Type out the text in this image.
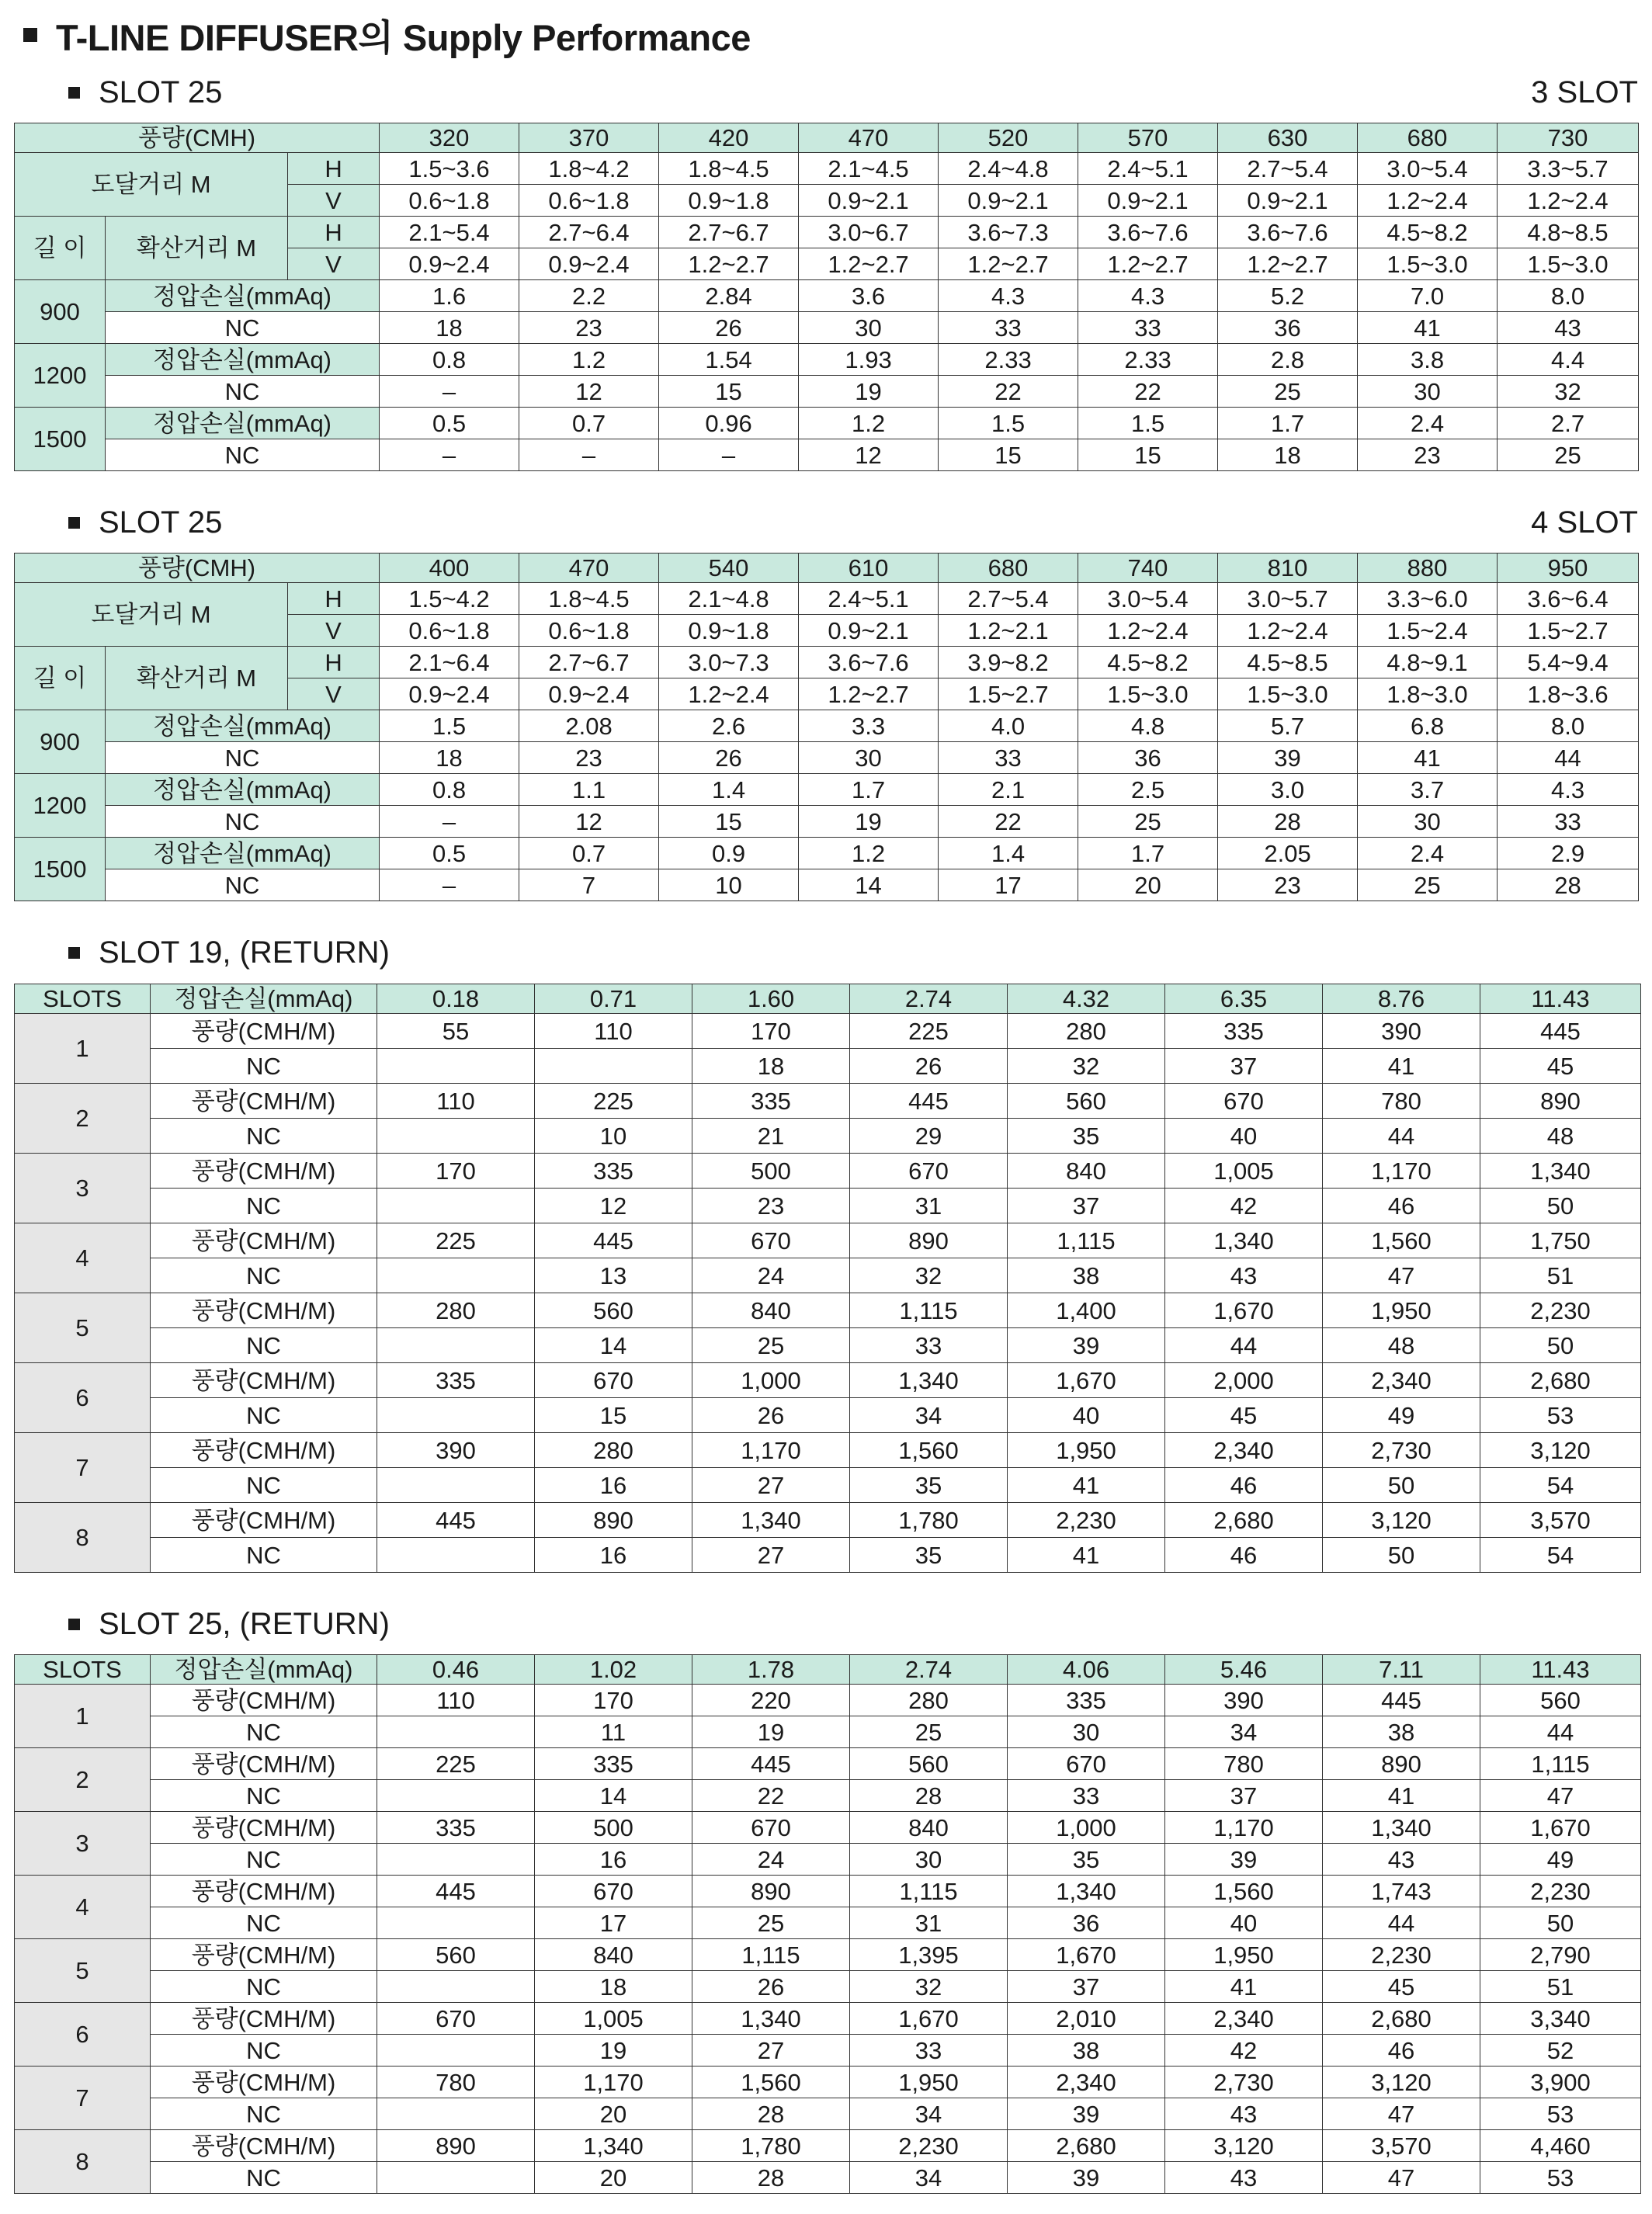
T-LINE DIFFUSER의 Supply Performance
SLOT 25	3 SLOT
풍량(CMH)			320	370	420	470	520	570	630	680	730
도달거리 M		H	1.5~3.6	1.8~4.2	1.8~4.5	2.1~4.5	2.4~4.8	2.4~5.1	2.7~5.4	3.0~5.4	3.3~5.7
		V	0.6~1.8	0.6~1.8	0.9~1.8	0.9~2.1	0.9~2.1	0.9~2.1	0.9~2.1	1.2~2.4	1.2~2.4
길 이	확산거리 M	H	2.1~5.4	2.7~6.4	2.7~6.7	3.0~6.7	3.6~7.3	3.6~7.6	3.6~7.6	4.5~8.2	4.8~8.5
		V	0.9~2.4	0.9~2.4	1.2~2.7	1.2~2.7	1.2~2.7	1.2~2.7	1.2~2.7	1.5~3.0	1.5~3.0
900	정압손실(mmAq)		1.6	2.2	2.84	3.6	4.3	4.3	5.2	7.0	8.0
	NC		18	23	26	30	33	33	36	41	43
1200	정압손실(mmAq)		0.8	1.2	1.54	1.93	2.33	2.33	2.8	3.8	4.4
	NC		–	12	15	19	22	22	25	30	32
1500	정압손실(mmAq)		0.5	0.7	0.96	1.2	1.5	1.5	1.7	2.4	2.7
	NC		–	–	–	12	15	15	18	23	25
SLOT 25	4 SLOT
풍량(CMH)			400	470	540	610	680	740	810	880	950
도달거리 M		H	1.5~4.2	1.8~4.5	2.1~4.8	2.4~5.1	2.7~5.4	3.0~5.4	3.0~5.7	3.3~6.0	3.6~6.4
		V	0.6~1.8	0.6~1.8	0.9~1.8	0.9~2.1	1.2~2.1	1.2~2.4	1.2~2.4	1.5~2.4	1.5~2.7
길 이	확산거리 M	H	2.1~6.4	2.7~6.7	3.0~7.3	3.6~7.6	3.9~8.2	4.5~8.2	4.5~8.5	4.8~9.1	5.4~9.4
		V	0.9~2.4	0.9~2.4	1.2~2.4	1.2~2.7	1.5~2.7	1.5~3.0	1.5~3.0	1.8~3.0	1.8~3.6
900	정압손실(mmAq)		1.5	2.08	2.6	3.3	4.0	4.8	5.7	6.8	8.0
	NC		18	23	26	30	33	36	39	41	44
1200	정압손실(mmAq)		0.8	1.1	1.4	1.7	2.1	2.5	3.0	3.7	4.3
	NC		–	12	15	19	22	25	28	30	33
1500	정압손실(mmAq)		0.5	0.7	0.9	1.2	1.4	1.7	2.05	2.4	2.9
	NC		–	7	10	14	17	20	23	25	28
SLOT 19, (RETURN)
SLOTS	정압손실(mmAq)	0.18	0.71	1.60	2.74	4.32	6.35	8.76	11.43
1	풍량(CMH/M)	55	110	170	225	280	335	390	445
	NC			18	26	32	37	41	45
2	풍량(CMH/M)	110	225	335	445	560	670	780	890
	NC		10	21	29	35	40	44	48
3	풍량(CMH/M)	170	335	500	670	840	1,005	1,170	1,340
	NC		12	23	31	37	42	46	50
4	풍량(CMH/M)	225	445	670	890	1,115	1,340	1,560	1,750
	NC		13	24	32	38	43	47	51
5	풍량(CMH/M)	280	560	840	1,115	1,400	1,670	1,950	2,230
	NC		14	25	33	39	44	48	50
6	풍량(CMH/M)	335	670	1,000	1,340	1,670	2,000	2,340	2,680
	NC		15	26	34	40	45	49	53
7	풍량(CMH/M)	390	280	1,170	1,560	1,950	2,340	2,730	3,120
	NC		16	27	35	41	46	50	54
8	풍량(CMH/M)	445	890	1,340	1,780	2,230	2,680	3,120	3,570
	NC		16	27	35	41	46	50	54
SLOT 25, (RETURN)
SLOTS	정압손실(mmAq)	0.46	1.02	1.78	2.74	4.06	5.46	7.11	11.43
1	풍량(CMH/M)	110	170	220	280	335	390	445	560
	NC		11	19	25	30	34	38	44
2	풍량(CMH/M)	225	335	445	560	670	780	890	1,115
	NC		14	22	28	33	37	41	47
3	풍량(CMH/M)	335	500	670	840	1,000	1,170	1,340	1,670
	NC		16	24	30	35	39	43	49
4	풍량(CMH/M)	445	670	890	1,115	1,340	1,560	1,743	2,230
	NC		17	25	31	36	40	44	50
5	풍량(CMH/M)	560	840	1,115	1,395	1,670	1,950	2,230	2,790
	NC		18	26	32	37	41	45	51
6	풍량(CMH/M)	670	1,005	1,340	1,670	2,010	2,340	2,680	3,340
	NC		19	27	33	38	42	46	52
7	풍량(CMH/M)	780	1,170	1,560	1,950	2,340	2,730	3,120	3,900
	NC		20	28	34	39	43	47	53
8	풍량(CMH/M)	890	1,340	1,780	2,230	2,680	3,120	3,570	4,460
	NC		20	28	34	39	43	47	53
